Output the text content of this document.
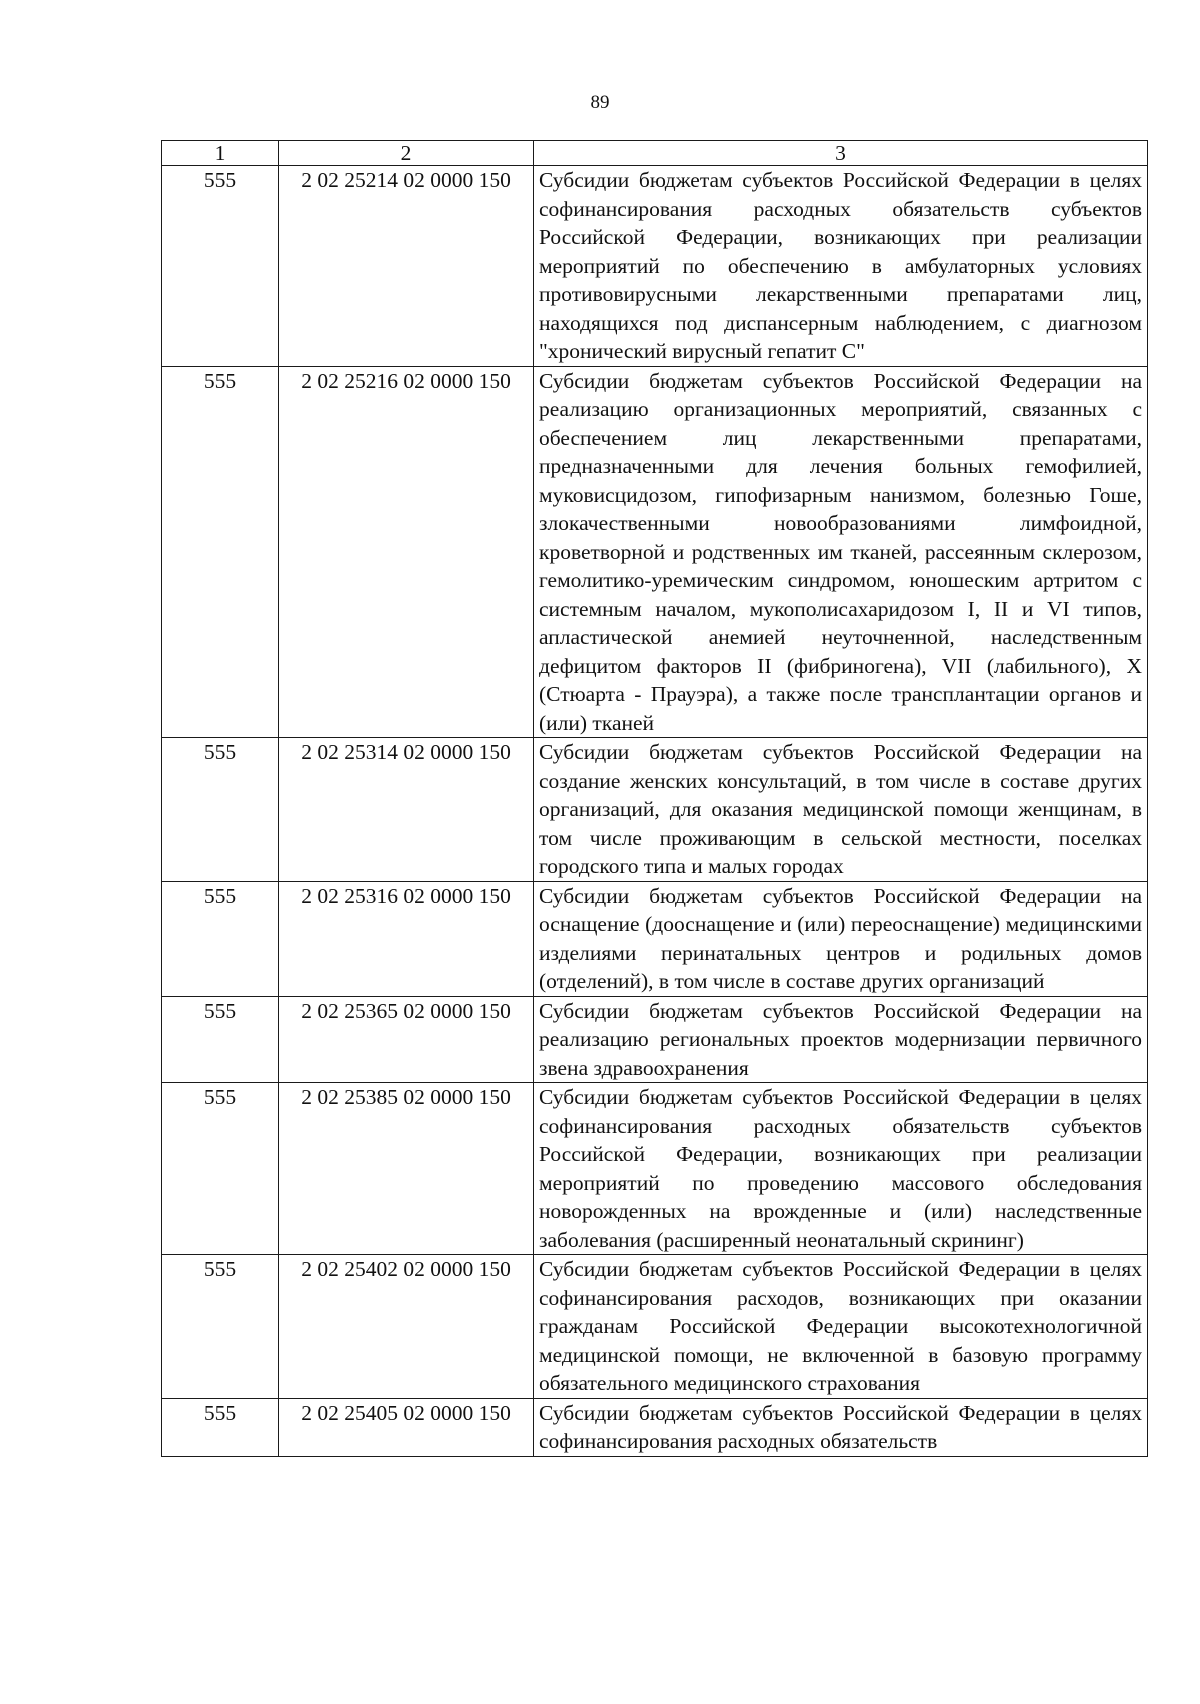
89
1	2	3
555	2 02 25214 02 0000 150	Субсидии бюджетам субъектов Российской Федерации в целях софинансирования расходных обязательств субъектов Российской Федерации, возникающих при реализации мероприятий по обеспечению в амбулаторных условиях противовирусными лекарственными препаратами лиц, находящихся под диспансерным наблюдением, с диагнозом "хронический вирусный гепатит С"
555	2 02 25216 02 0000 150	Субсидии бюджетам субъектов Российской Федерации на реализацию организационных мероприятий, связанных с обеспечением лиц лекарственными препаратами, предназначенными для лечения больных гемофилией, муковисцидозом, гипофизарным нанизмом, болезнью Гоше, злокачественными новообразованиями лимфоидной, кроветворной и родственных им тканей, рассеянным склерозом, гемолитико-уремическим синдромом, юношеским артритом с системным началом, мукополисахаридозом I, II и VI типов, апластической анемией неуточненной, наследственным дефицитом факторов II (фибриногена), VII (лабильного), X (Стюарта - Прауэра), а также после трансплантации органов и (или) тканей
555	2 02 25314 02 0000 150	Субсидии бюджетам субъектов Российской Федерации на создание женских консультаций, в том числе в составе других организаций, для оказания медицинской помощи женщинам, в том числе проживающим в сельской местности, поселках городского типа и малых городах
555	2 02 25316 02 0000 150	Субсидии бюджетам субъектов Российской Федерации на оснащение (дооснащение и (или) переоснащение) медицинскими изделиями перинатальных центров и родильных домов (отделений), в том числе в составе других организаций
555	2 02 25365 02 0000 150	Субсидии бюджетам субъектов Российской Федерации на реализацию региональных проектов модернизации первичного звена здравоохранения
555	2 02 25385 02 0000 150	Субсидии бюджетам субъектов Российской Федерации в целях софинансирования расходных обязательств субъектов Российской Федерации, возникающих при реализации мероприятий по проведению массового обследования новорожденных на врожденные и (или) наследственные заболевания (расширенный неонатальный скрининг)
555	2 02 25402 02 0000 150	Субсидии бюджетам субъектов Российской Федерации в целях софинансирования расходов, возникающих при оказании гражданам Российской Федерации высокотехнологичной медицинской помощи, не включенной в базовую программу обязательного медицинского страхования
555	2 02 25405 02 0000 150	Субсидии бюджетам субъектов Российской Федерации в целях софинансирования расходных обязательств
